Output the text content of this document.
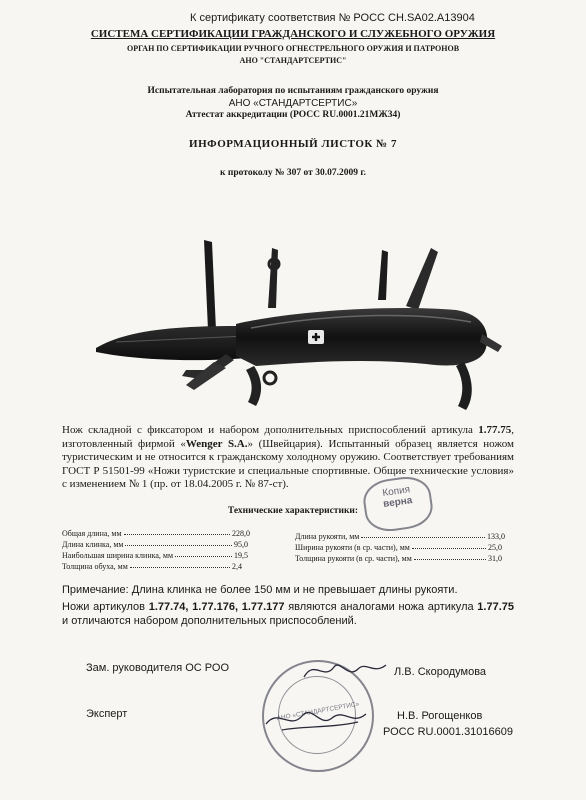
К сертификату соответствия № РОСС CH.SA02.A13904
СИСТЕМА СЕРТИФИКАЦИИ ГРАЖДАНСКОГО И СЛУЖЕБНОГО ОРУЖИЯ
ОРГАН ПО СЕРТИФИКАЦИИ РУЧНОГО ОГНЕСТРЕЛЬНОГО ОРУЖИЯ И ПАТРОНОВ
АНО "СТАНДАРТСЕРТИС"
Испытательная лаборатория по испытаниям гражданского оружия
АНО «СТАНДАРТСЕРТИС»
Аттестат аккредитации (РОСС RU.0001.21МЖ34)
ИНФОРМАЦИОННЫЙ ЛИСТОК № 7
к протоколу № 307 от 30.07.2009 г.
Нож складной с фиксатором и набором дополнительных приспособлений артикула 1.77.75, изготовленный фирмой «Wenger S.A.» (Швейцария). Испытанный образец является ножом туристическим и не относится к гражданскому холодному оружию. Соответствует требованиям ГОСТ Р 51501-99 «Ножи туристские и специальные спортивные. Общие технические условия» с изменением № 1 (пр. от 18.04.2005 г. № 87-ст).
Технические характеристики:
Общая длина, мм	228,0
Длина клинка, мм	95,0
Наибольшая ширина клинка, мм	19,5
Толщина обуха, мм	2,4
Длина рукояти, мм	133,0
Ширина рукояти (в ср. части), мм	25,0
Толщина рукояти (в ср. части), мм	31,0
Копия
верна
Примечание: Длина клинка не более 150 мм и не превышает длины рукояти.
Ножи артикулов 1.77.74, 1.77.176, 1.77.177 являются аналогами ножа артикула 1.77.75 и отличаются набором дополнительных приспособлений.
Зам. руководителя ОС РОО	Л.В. Скородумова
Эксперт	Н.В. Рогощенков
РОСС RU.0001.31016609
АНО «СТАНДАРТСЕРТИС»
